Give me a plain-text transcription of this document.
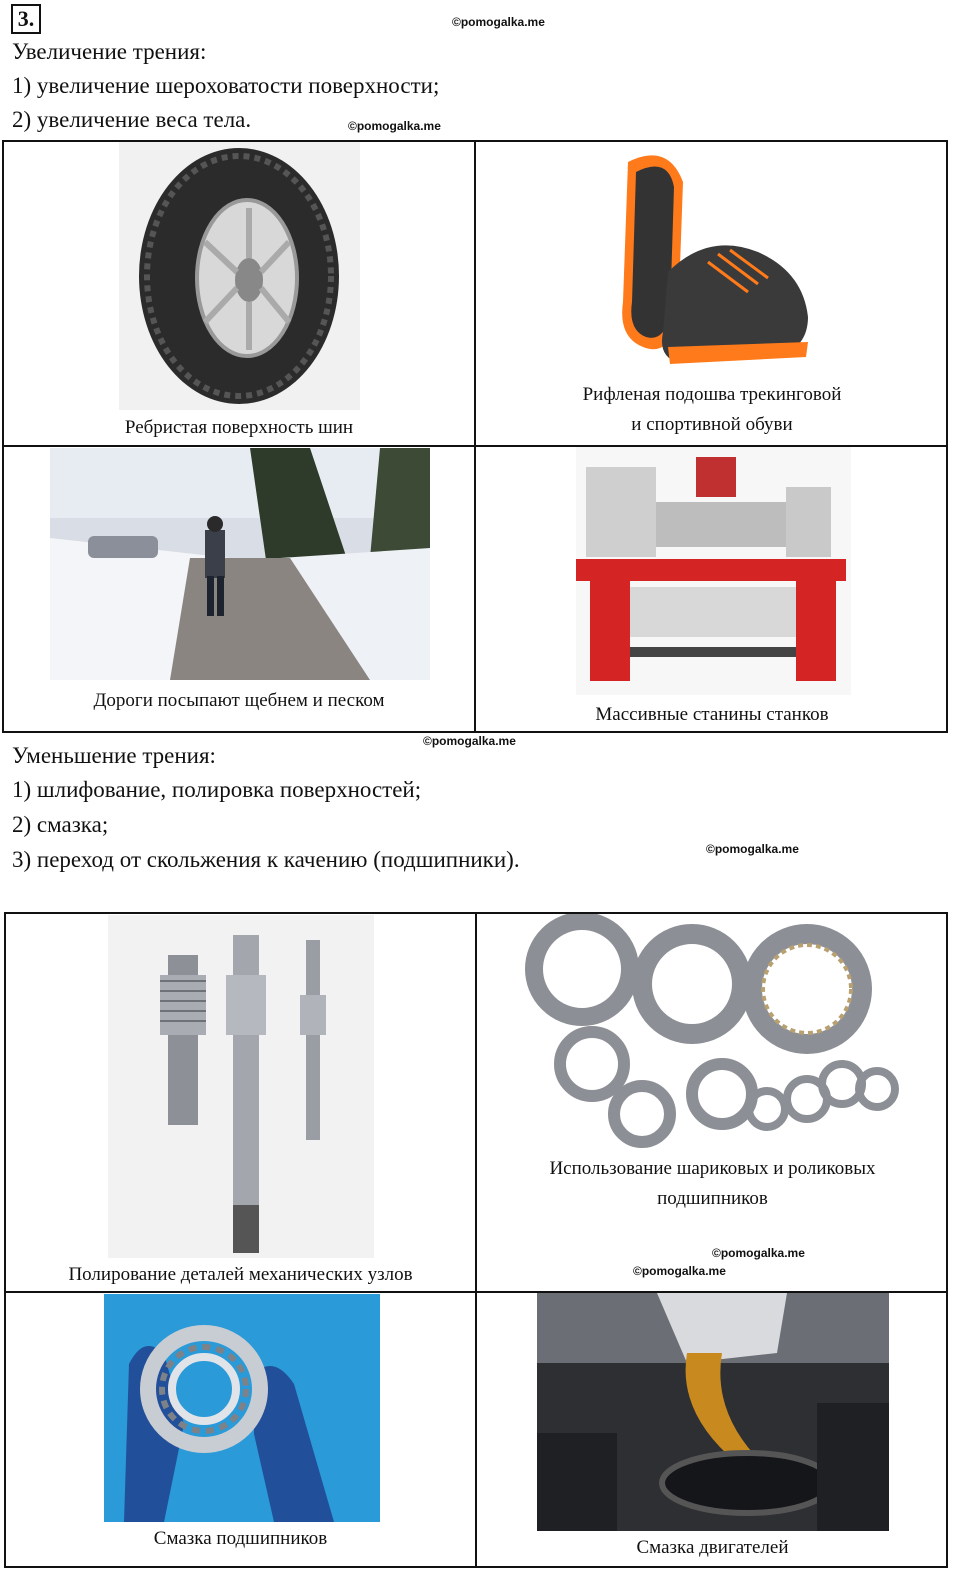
3.	©pomogalka.me
Увеличение трения:
1) увеличение шероховатости поверхности;
2) увеличение веса тела.	©pomogalka.me
Ребристая поверхность шин
Рифленая подошва трекинговой
и спортивной обуви
Дороги посыпают щебнем и песком
Массивные станины станков
Уменьшение трения:
©pomogalka.me
1) шлифование, полировка поверхностей;
2) смазка;
3) переход от скольжения к качению (подшипники).	©pomogalka.me
Полирование деталей механических узлов
Использование шариковых и роликовых
подшипников
©pomogalka.me
©pomogalka.me
Смазка подшипников	Смазка двигателей
